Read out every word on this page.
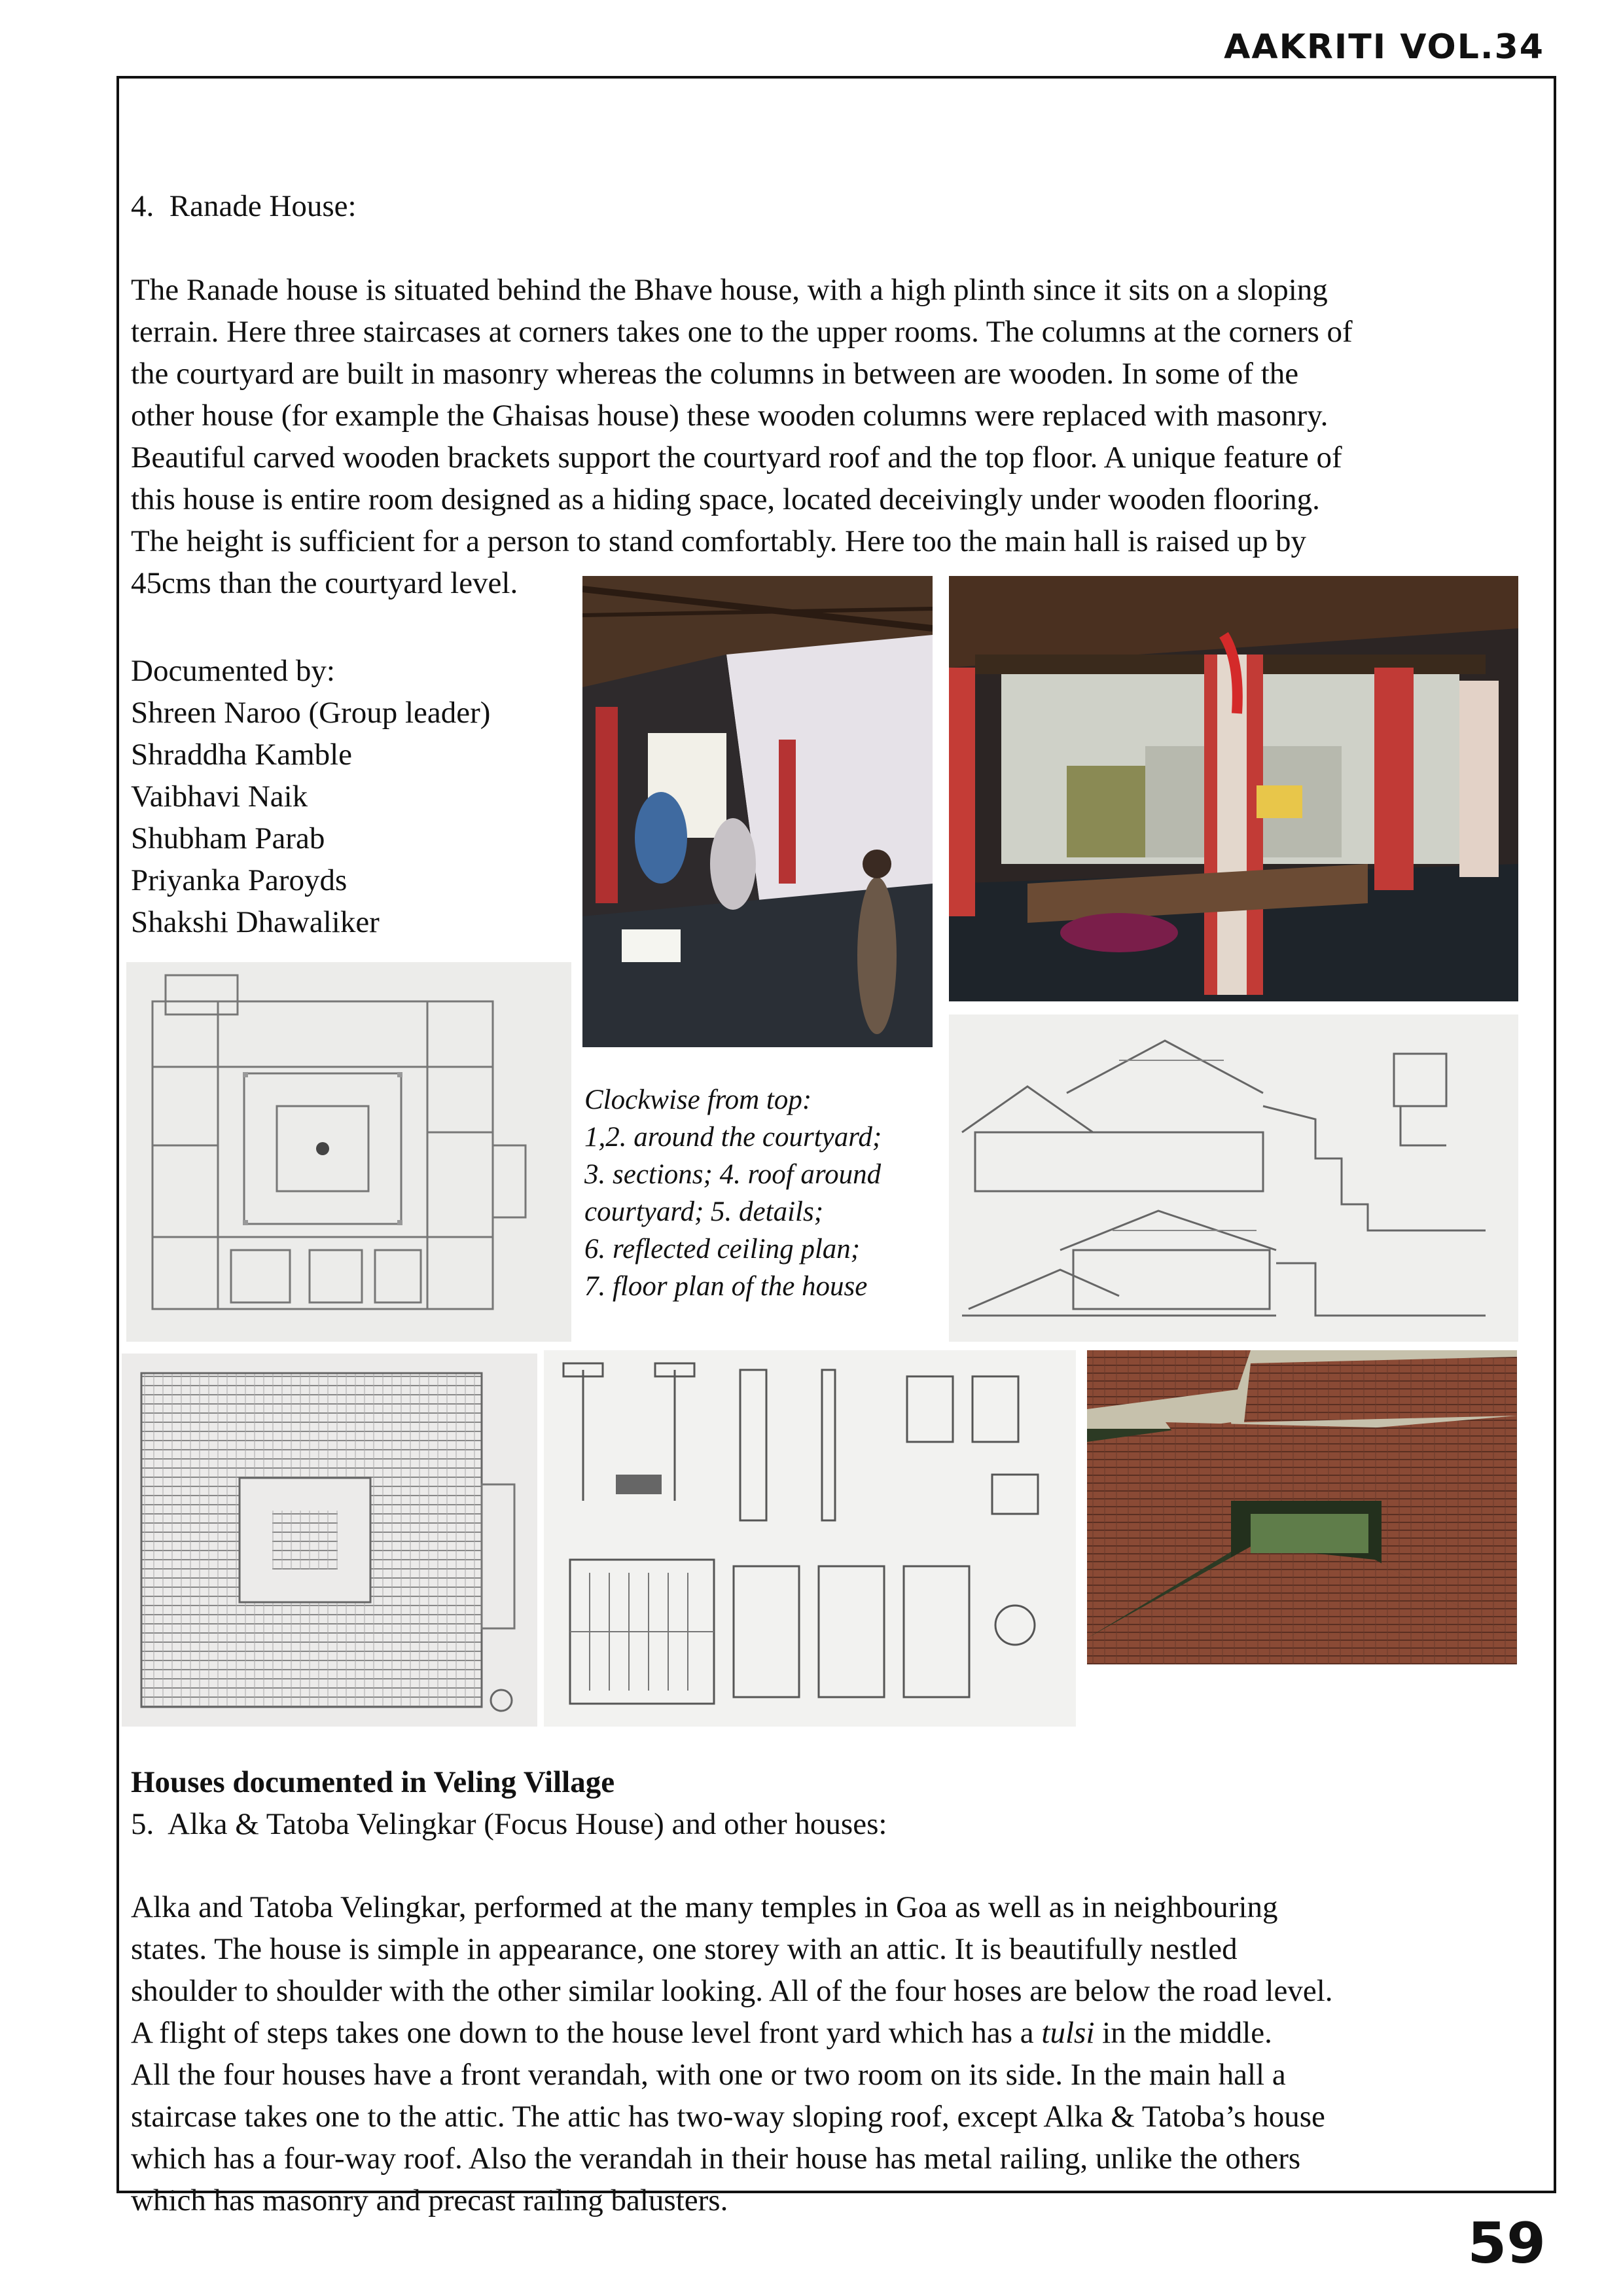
AAKRITI VOL.34
4.  Ranade House:
The Ranade house is situated behind the Bhave house, with a high plinth since it sits on a sloping
terrain. Here three staircases at corners takes one to the upper rooms. The columns at the corners of
the courtyard are built in masonry whereas the columns in between are wooden. In some of the
other house (for example the Ghaisas house) these wooden columns were replaced with masonry.
Beautiful carved wooden brackets support the courtyard roof and the top floor. A unique feature of
this house is entire room designed as a hiding space, located deceivingly under wooden flooring.
The height is sufficient for a person to stand comfortably. Here too the main hall is raised up by
45cms than the courtyard level.
Documented by:
Shreen Naroo (Group leader)
Shraddha Kamble
Vaibhavi Naik
Shubham Parab
Priyanka Paroyds
Shakshi Dhawaliker
Clockwise from top:
1,2. around the courtyard;
3. sections; 4. roof around
courtyard; 5. details;
6. reflected ceiling plan;
7. floor plan of the house
Houses documented in Veling Village
5.  Alka & Tatoba Velingkar (Focus House) and other houses:
Alka and Tatoba Velingkar, performed at the many temples in Goa as well as in neighbouring
states. The house is simple in appearance, one storey with an attic. It is beautifully nestled
shoulder to shoulder with the other similar looking. All of the four hoses are below the road level.
A flight of steps takes one down to the house level front yard which has a tulsi in the middle.
All the four houses have a front verandah, with one or two room on its side. In the main hall a
staircase takes one to the attic. The attic has two-way sloping roof, except Alka & Tatoba’s house
which has a four-way roof. Also the verandah in their house has metal railing, unlike the others
which has masonry and precast railing balusters.
59
